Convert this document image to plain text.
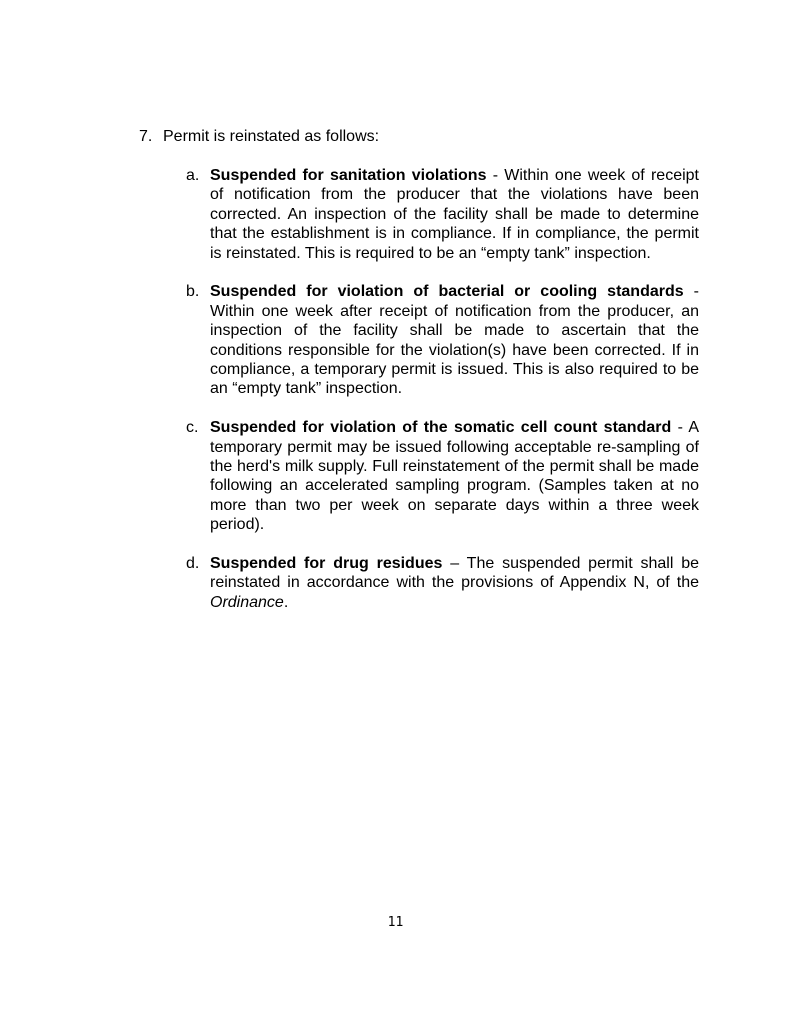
7. Permit is reinstated as follows:
a. Suspended for sanitation violations - Within one week of receipt of notification from the producer that the violations have been corrected. An inspection of the facility shall be made to determine that the establishment is in compliance. If in compliance, the permit is reinstated. This is required to be an “empty tank” inspection.
b. Suspended for violation of bacterial or cooling standards - Within one week after receipt of notification from the producer, an inspection of the facility shall be made to ascertain that the conditions responsible for the violation(s) have been corrected. If in compliance, a temporary permit is issued. This is also required to be an “empty tank” inspection.
c. Suspended for violation of the somatic cell count standard - A temporary permit may be issued following acceptable re-sampling of the herd's milk supply. Full reinstatement of the permit shall be made following an accelerated sampling program. (Samples taken at no more than two per week on separate days within a three week period).
d. Suspended for drug residues – The suspended permit shall be reinstated in accordance with the provisions of Appendix N, of the Ordinance.
11
